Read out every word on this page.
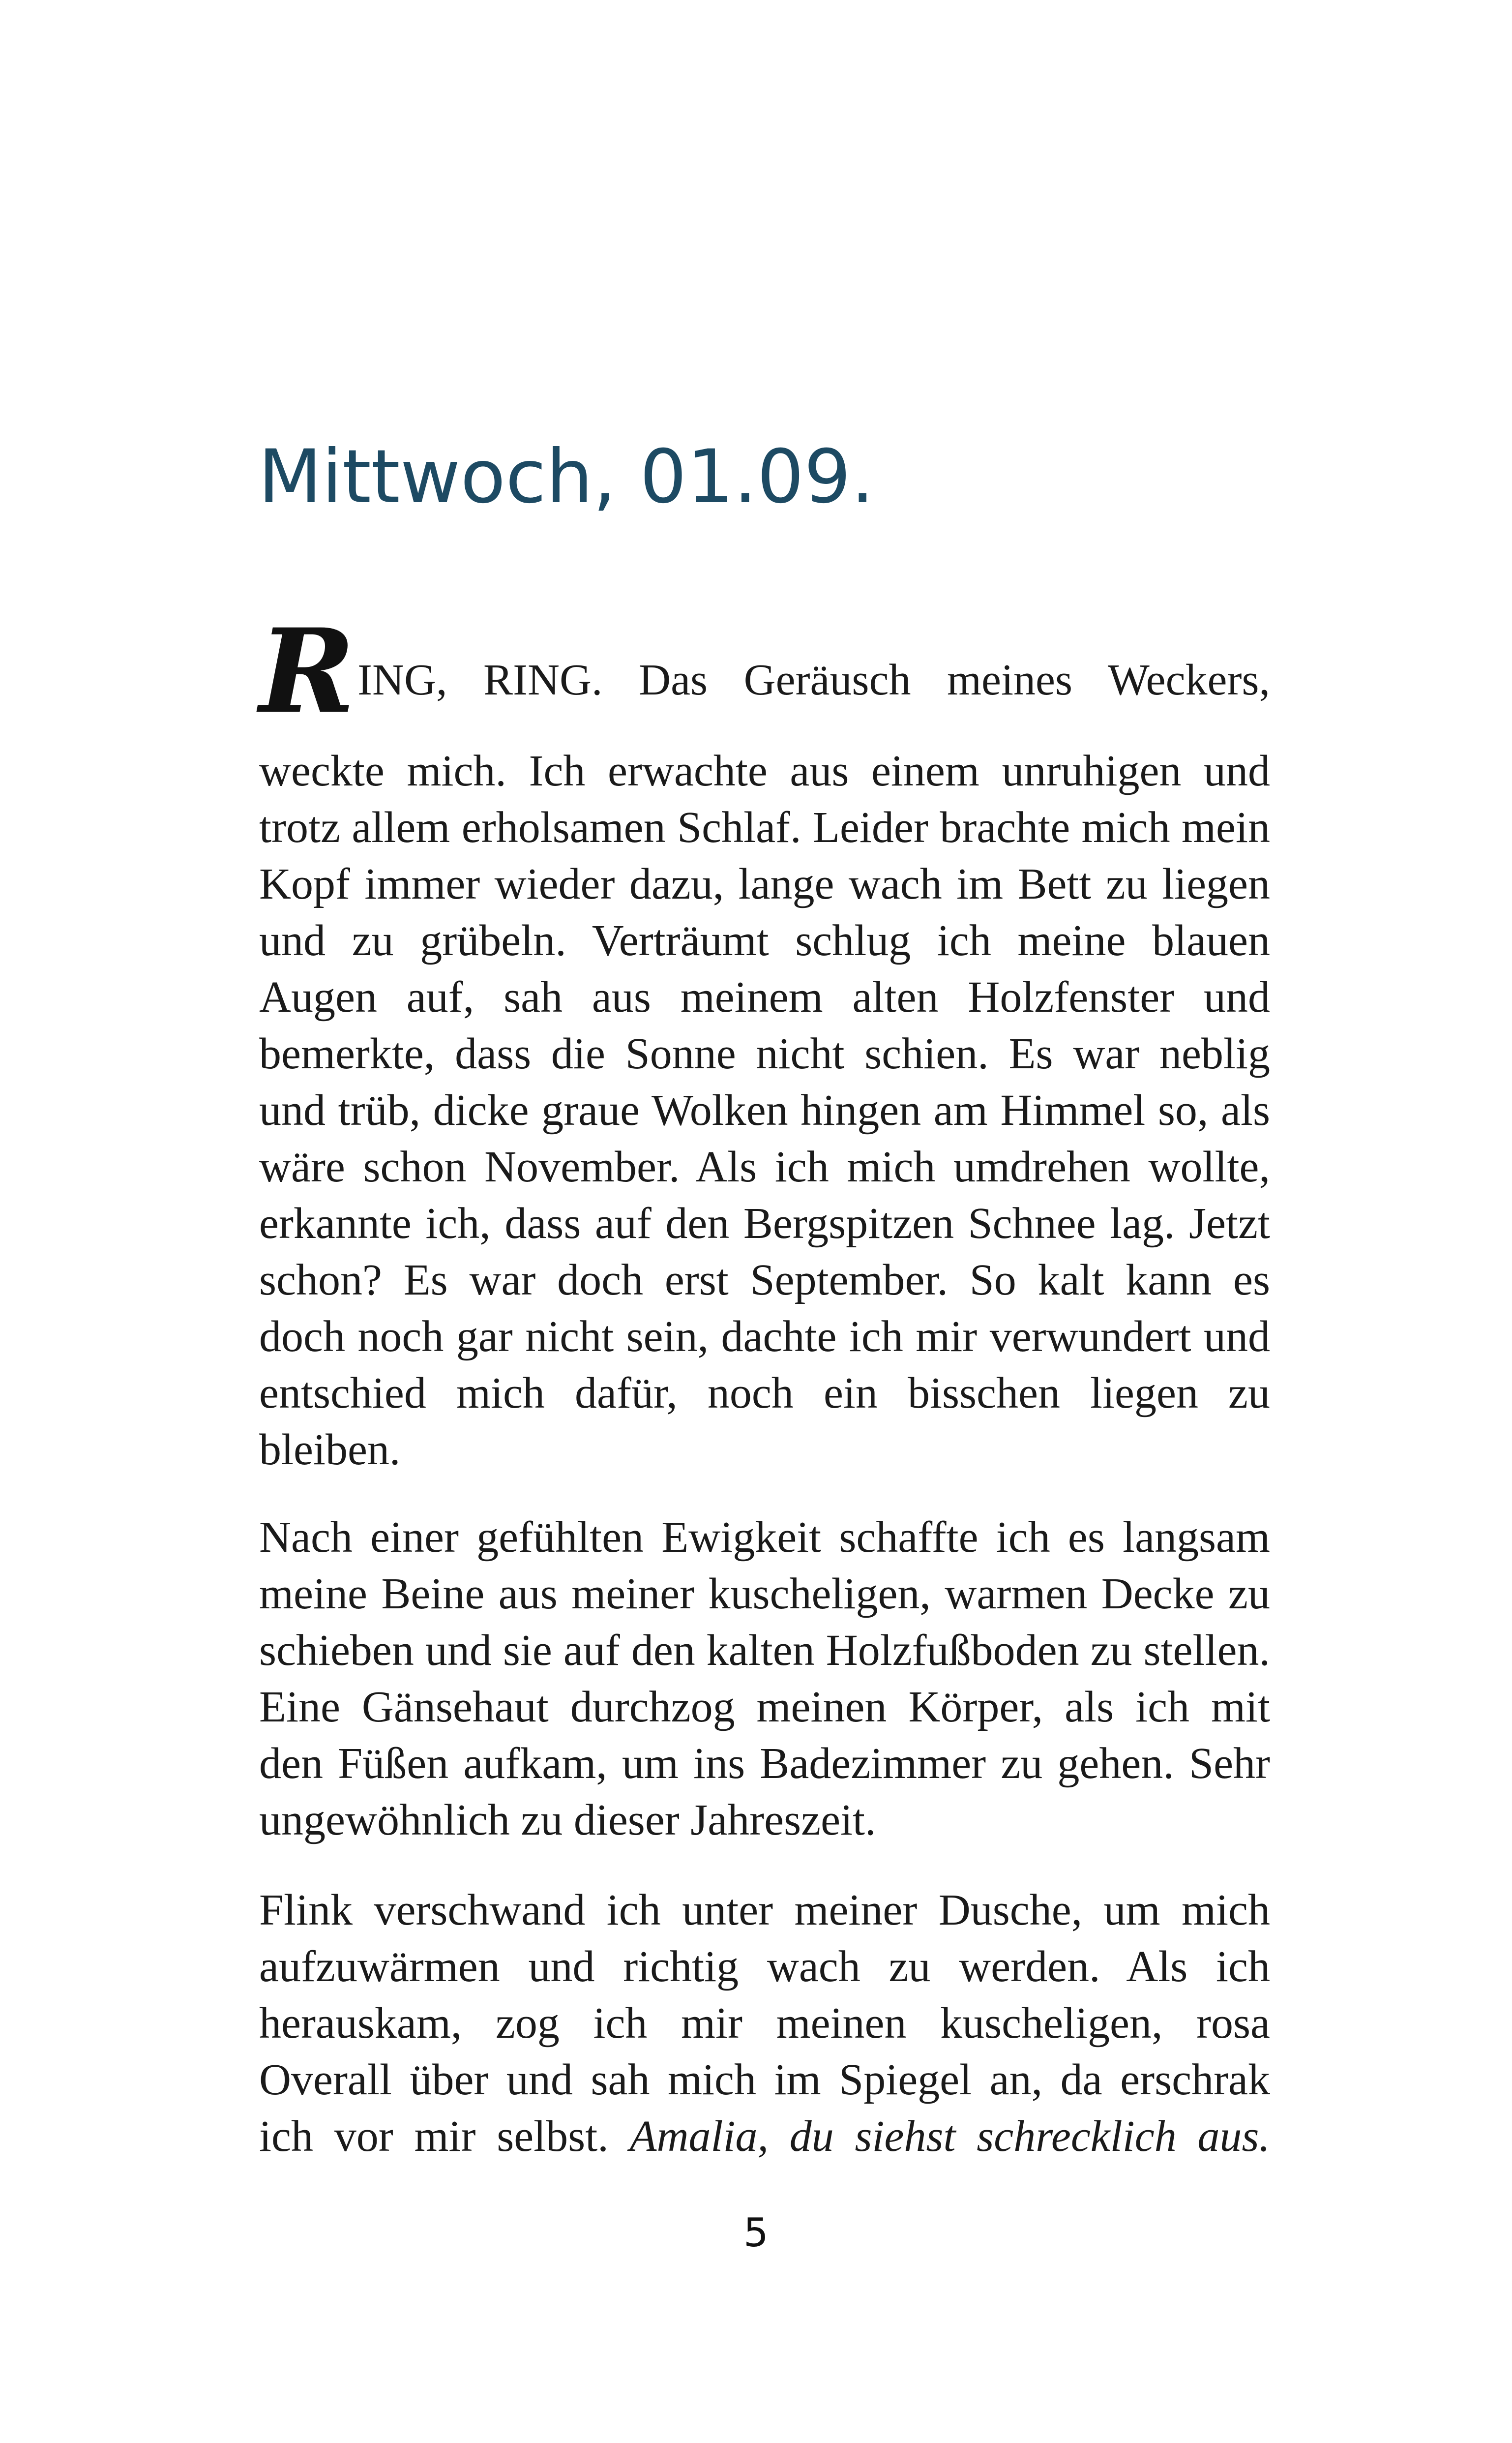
Mittwoch, 01.09.
R ING, RING. Das Geräusch meines Weckers,

weckte mich. Ich erwachte aus einem unruhigen und trotz allem erholsamen Schlaf. Leider brachte mich mein Kopf immer wieder dazu, lange wach im Bett zu liegen und zu grübeln. Verträumt schlug ich meine blauen Augen auf, sah aus meinem alten Holzfenster und bemerkte, dass die Sonne nicht schien. Es war neblig und trüb, dicke graue Wolken hingen am Himmel so, als wäre schon November. Als ich mich umdrehen wollte, erkannte ich, dass auf den Bergspitzen Schnee lag. Jetzt schon? Es war doch erst September. So kalt kann es doch noch gar nicht sein, dachte ich mir verwundert und entschied mich dafür, noch ein bisschen liegen zu bleiben.

Nach einer gefühlten Ewigkeit schaffte ich es langsam meine Beine aus meiner kuscheligen, warmen Decke zu schieben und sie auf den kalten Holzfußboden zu stellen. Eine Gänsehaut durchzog meinen Körper, als ich mit den Füßen aufkam, um ins Badezimmer zu gehen. Sehr ungewöhnlich zu dieser Jahreszeit.

Flink verschwand ich unter meiner Dusche, um mich aufzuwärmen und richtig wach zu werden. Als ich herauskam, zog ich mir meinen kuscheligen, rosa Overall über und sah mich im Spiegel an, da erschrak ich vor mir selbst. Amalia, du siehst schrecklich aus.

5
